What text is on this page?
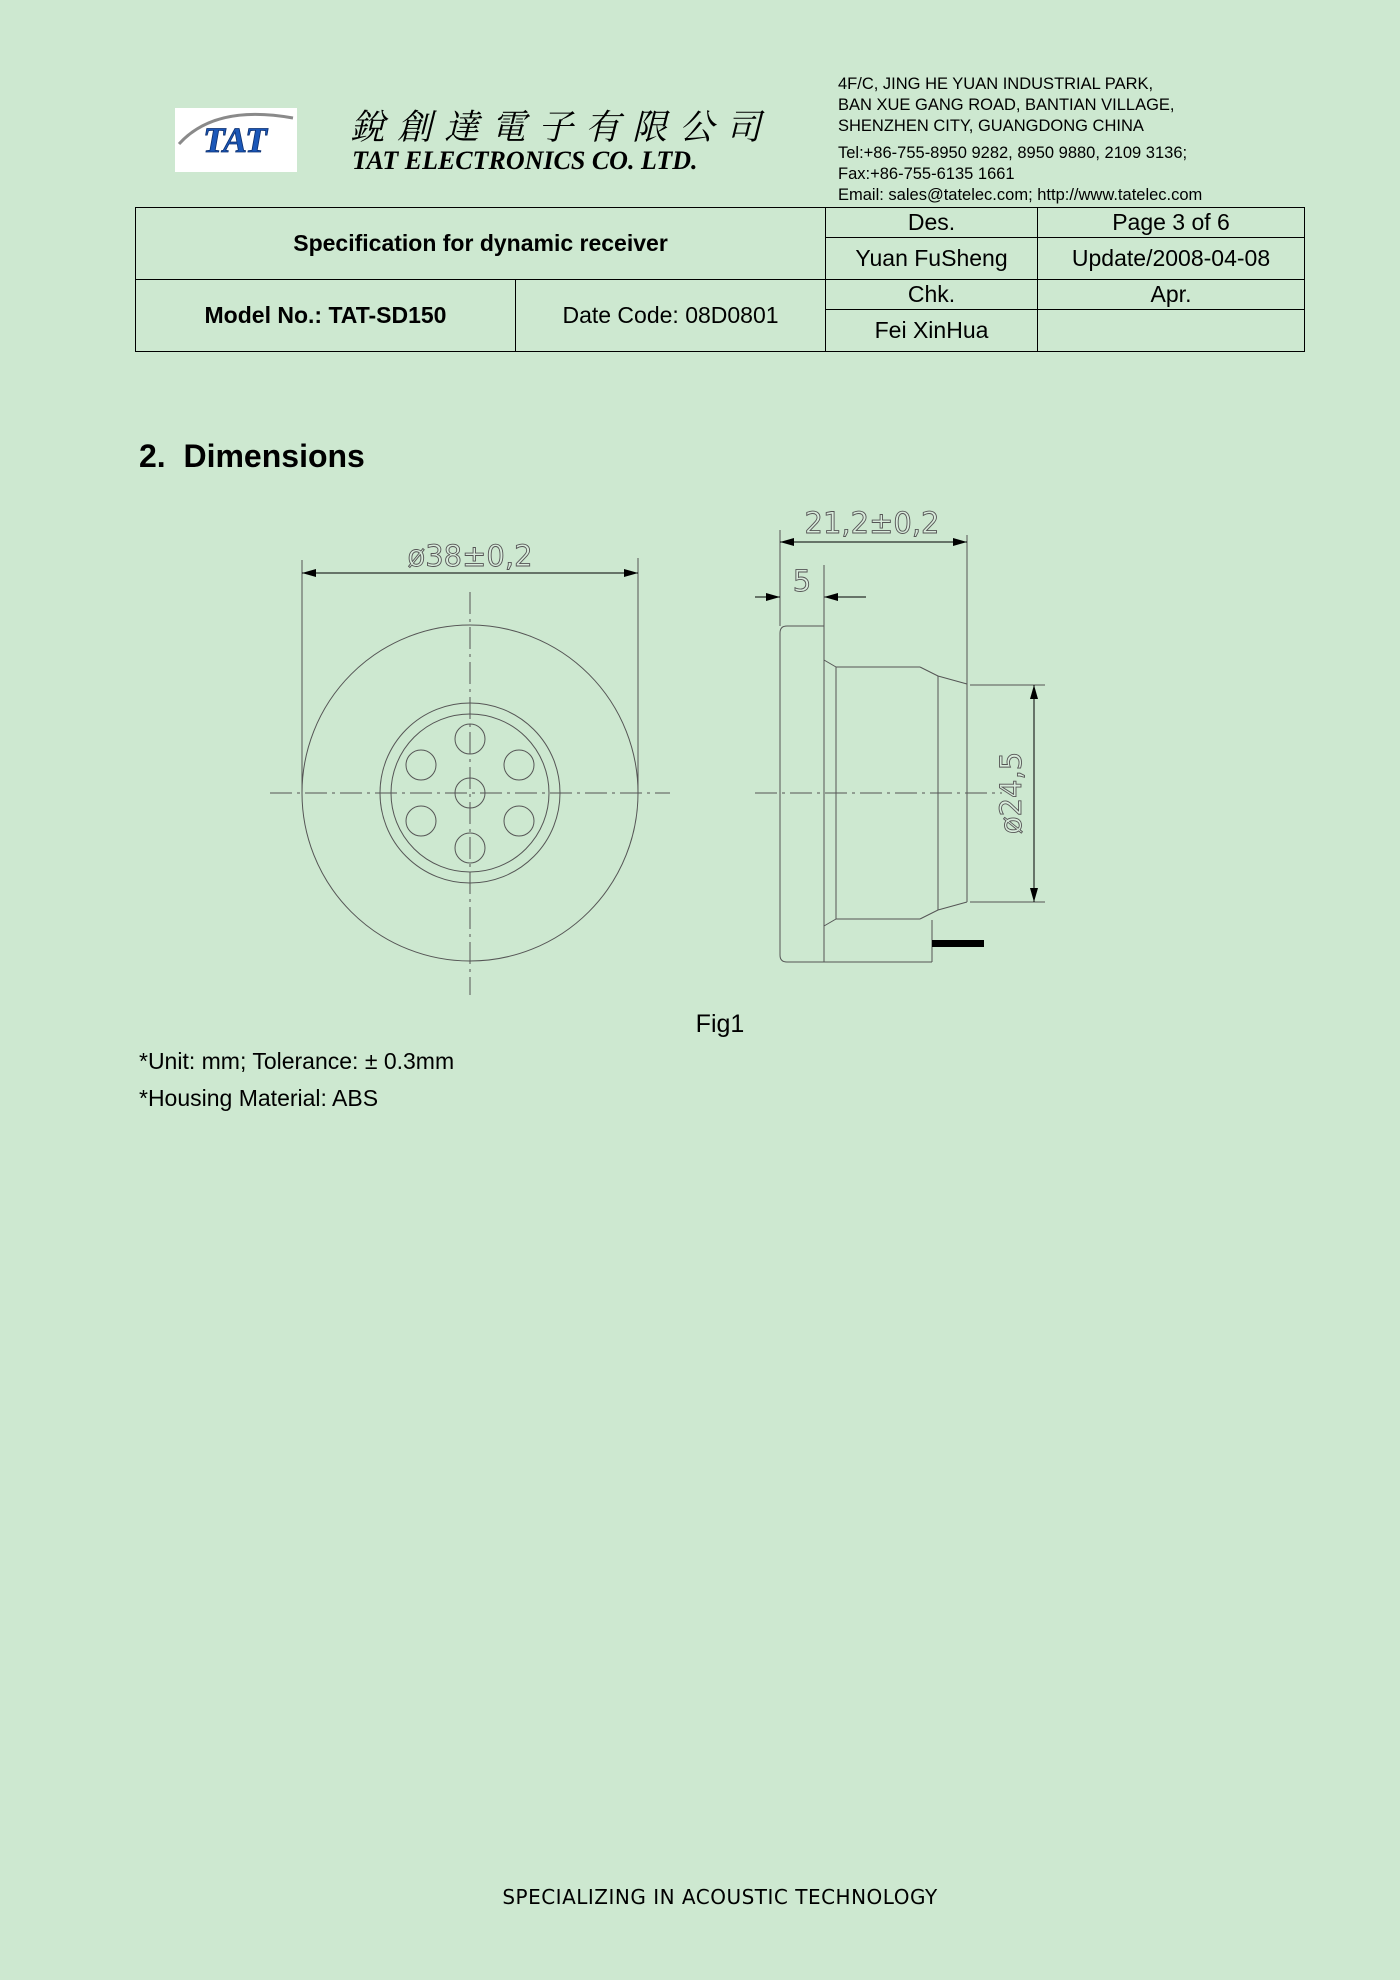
TAT 銳創達電子有限公司
TAT ELECTRONICS CO. LTD.
4F/C, JING HE YUAN INDUSTRIAL PARK,
BAN XUE GANG ROAD, BANTIAN VILLAGE,
SHENZHEN CITY, GUANGDONG CHINA
Tel:+86-755-8950 9282, 8950 9880, 2109 3136;
Fax:+86-755-6135 1661
Email: sales@tatelec.com; http://www.tatelec.com
Specification for dynamic receiver		Des.	Page 3 of 6
		Yuan FuSheng	Update/2008-04-08
Model No.: TAT-SD150	Date Code: 08D0801	Chk.	Apr.
		Fei XinHua	
2. Dimensions
ø38±0,2
21,2±0,2
5
ø24,5
Fig1
*Unit: mm; Tolerance: ± 0.3mm
*Housing Material: ABS
SPECIALIZING IN ACOUSTIC TECHNOLOGY
